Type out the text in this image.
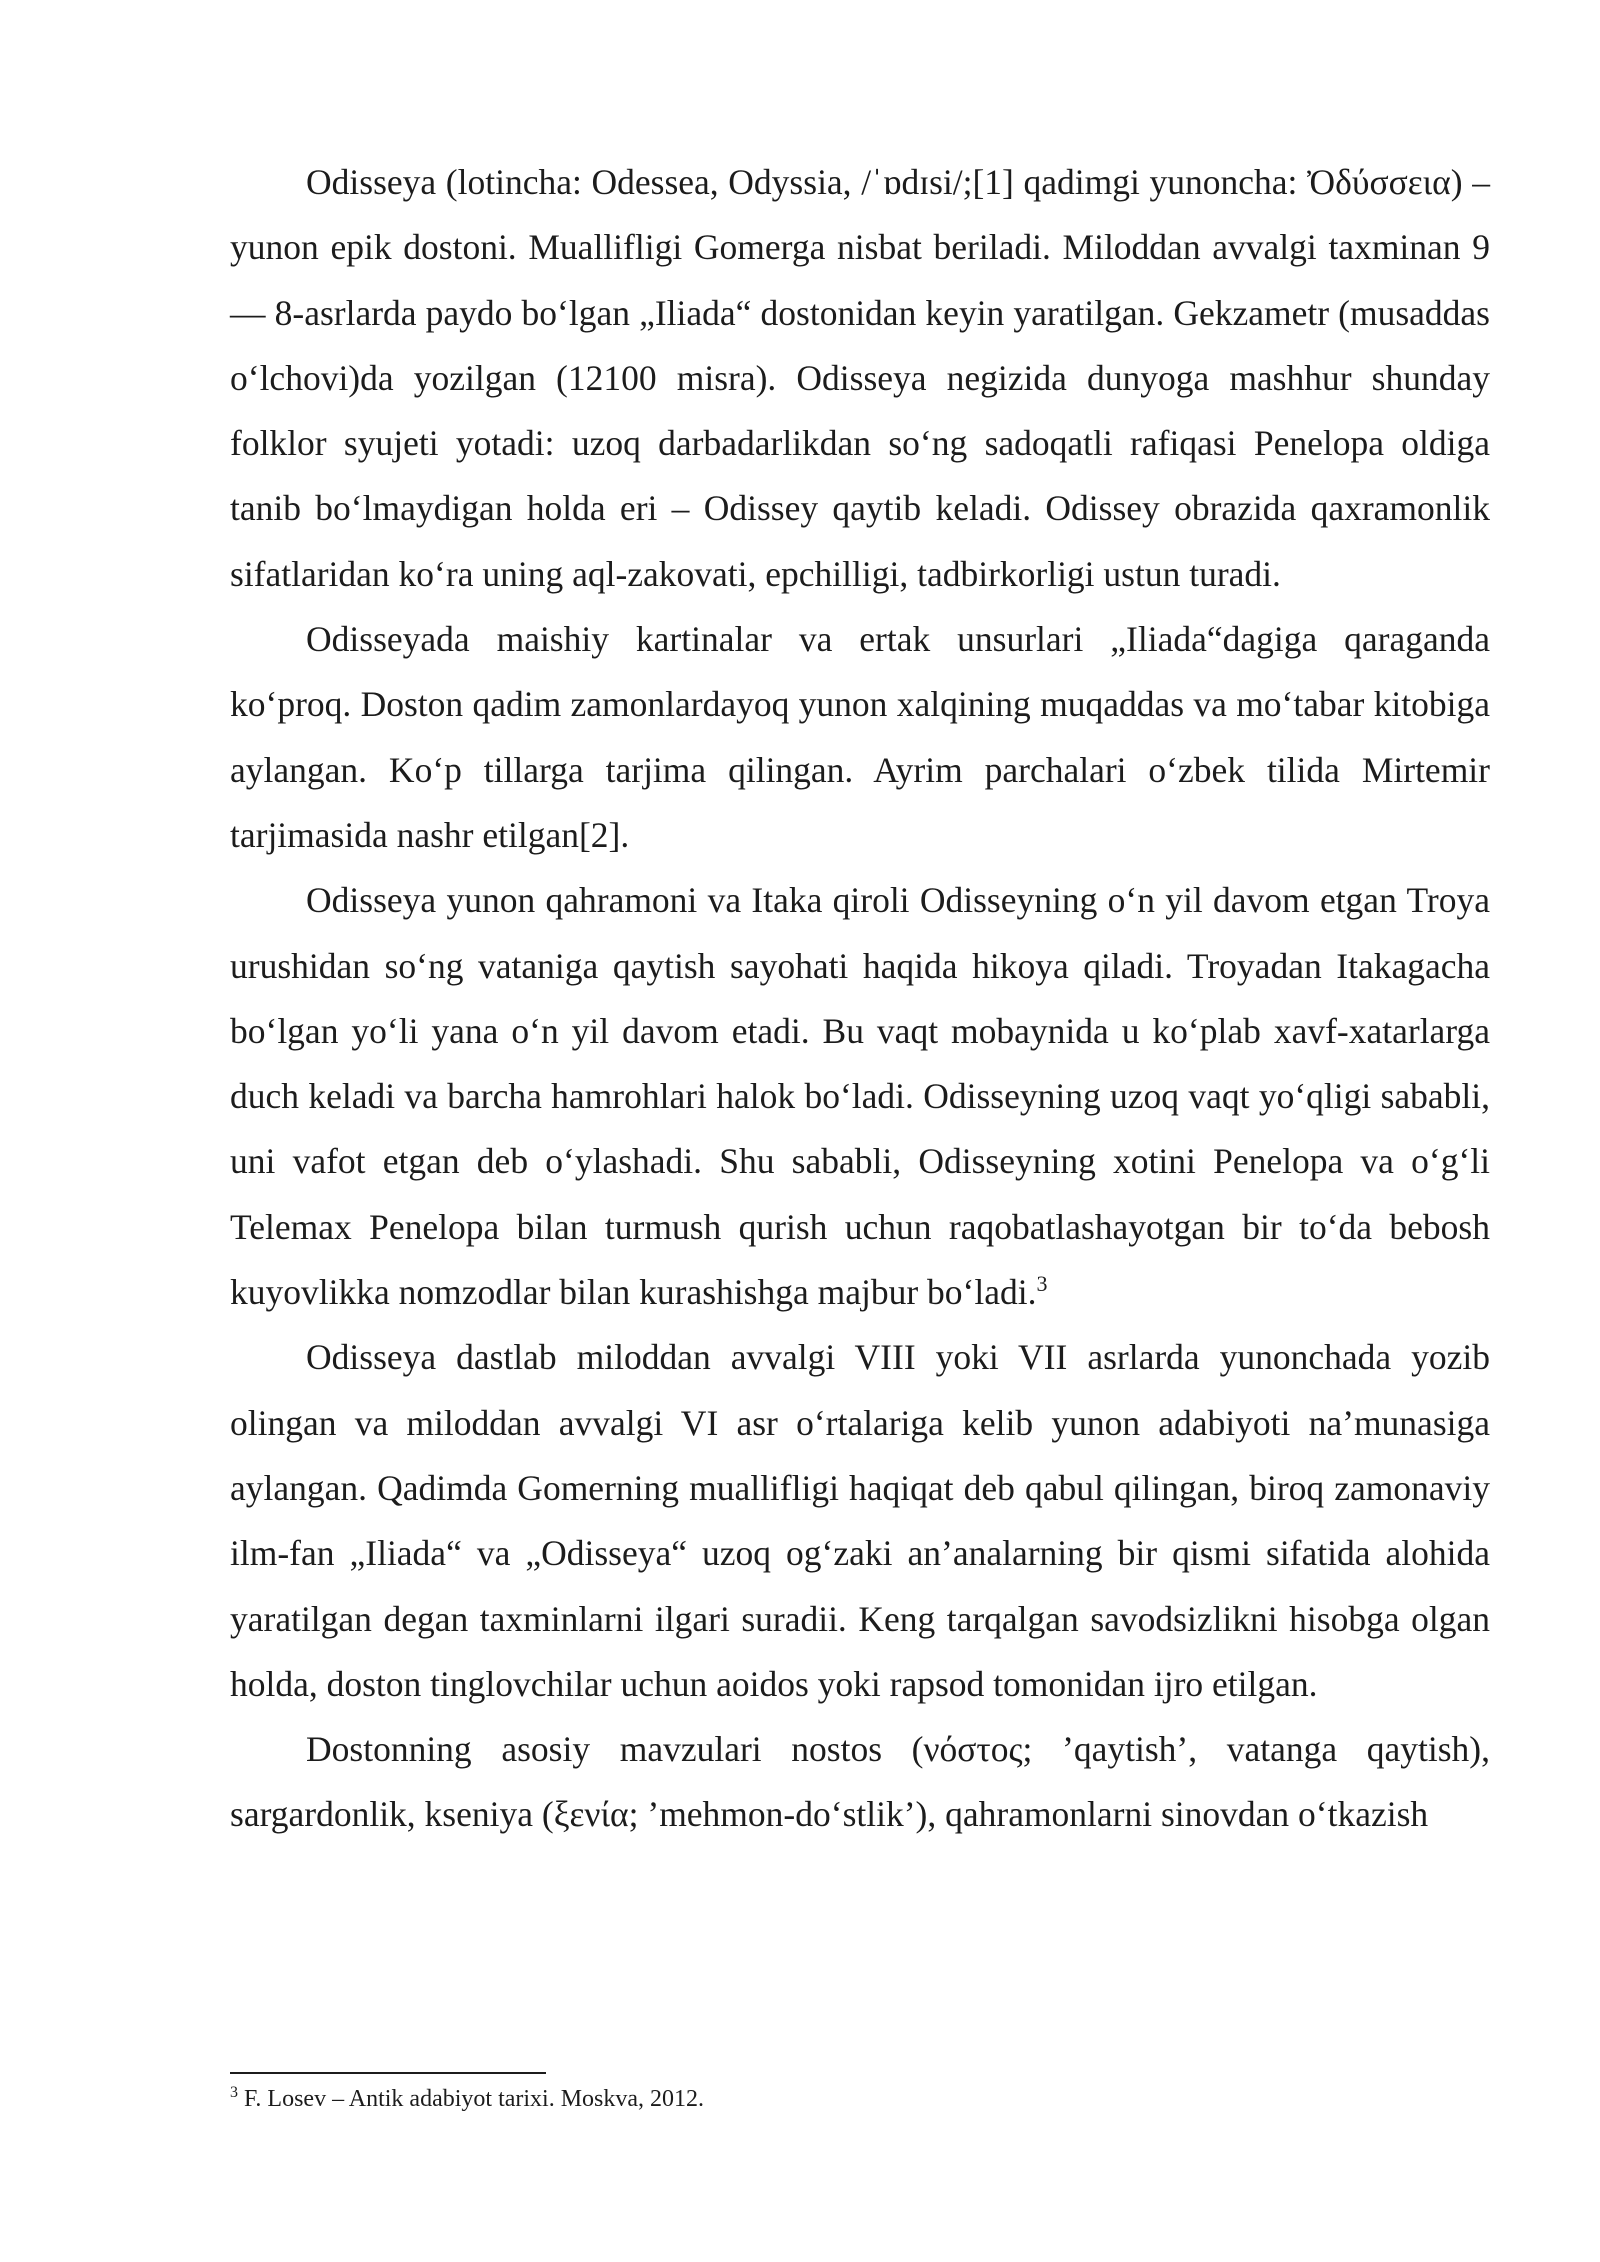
Odisseya (lotincha: Odessea, Odyssia, /ˈɒdɪsi/;[1] qadimgi yunoncha: Ὀδύσσεια) – yunon epik dostoni. Muallifligi Gomerga nisbat beriladi. Miloddan avvalgi taxminan 9— 8-asrlarda paydo boʻlgan „Iliada“ dostonidan keyin yaratilgan. Gekzametr (musaddas oʻlchovi)da yozilgan (12100 misra). Odisseya negizida dunyoga mashhur shunday folklor syujeti yotadi: uzoq darbadarlikdan soʻng sadoqatli rafiqasi Penelopa oldiga tanib boʻlmaydigan holda eri – Odissey qaytib keladi. Odissey obrazida qaxramonlik sifatlaridan koʻra uning aql-zakovati, epchilligi, tadbirkorligi ustun turadi.

Odisseyada maishiy kartinalar va ertak unsurlari „Iliada“dagiga qaraganda koʻproq. Doston qadim zamonlardayoq yunon xalqining muqaddas va moʻtabar kitobiga aylangan. Koʻp tillarga tarjima qilingan. Ayrim parchalari oʻzbek tilida Mirtemir tarjimasida nashr etilgan[2].

Odisseya yunon qahramoni va Itaka qiroli Odisseyning oʻn yil davom etgan Troya urushidan soʻng vataniga qaytish sayohati haqida hikoya qiladi. Troyadan Itakagacha boʻlgan yoʻli yana oʻn yil davom etadi. Bu vaqt mobaynida u koʻplab xavf-xatarlarga duch keladi va barcha hamrohlari halok boʻladi. Odisseyning uzoq vaqt yoʻqligi sababli, uni vafot etgan deb oʻylashadi. Shu sababli, Odisseyning xotini Penelopa va oʻgʻli Telemax Penelopa bilan turmush qurish uchun raqobatlashayotgan bir toʻda bebosh kuyovlikka nomzodlar bilan kurashishga majbur boʻladi.$^3$

Odisseya dastlab miloddan avvalgi VIII yoki VII asrlarda yunonchada yozib olingan va miloddan avvalgi VI asr oʻrtalariga kelib yunon adabiyoti na’munasiga aylangan. Qadimda Gomerning muallifligi haqiqat deb qabul qilingan, biroq zamonaviy ilm-fan „Iliada“ va „Odisseya“ uzoq ogʻzaki an’analarning bir qismi sifatida alohida yaratilgan degan taxminlarni ilgari suradii. Keng tarqalgan savodsizlikni hisobga olgan holda, doston tinglovchilar uchun aoidos yoki rapsod tomonidan ijro etilgan.

Dostonning asosiy mavzulari nostos (νόστος; ’qaytish’, vatanga qaytish), sargardonlik, kseniya (ξενία; ’mehmon-doʻstlik’), qahramonlarni sinovdan oʻtkazish

$^3$ F. Losev – Antik adabiyot tarixi. Moskva, 2012.
